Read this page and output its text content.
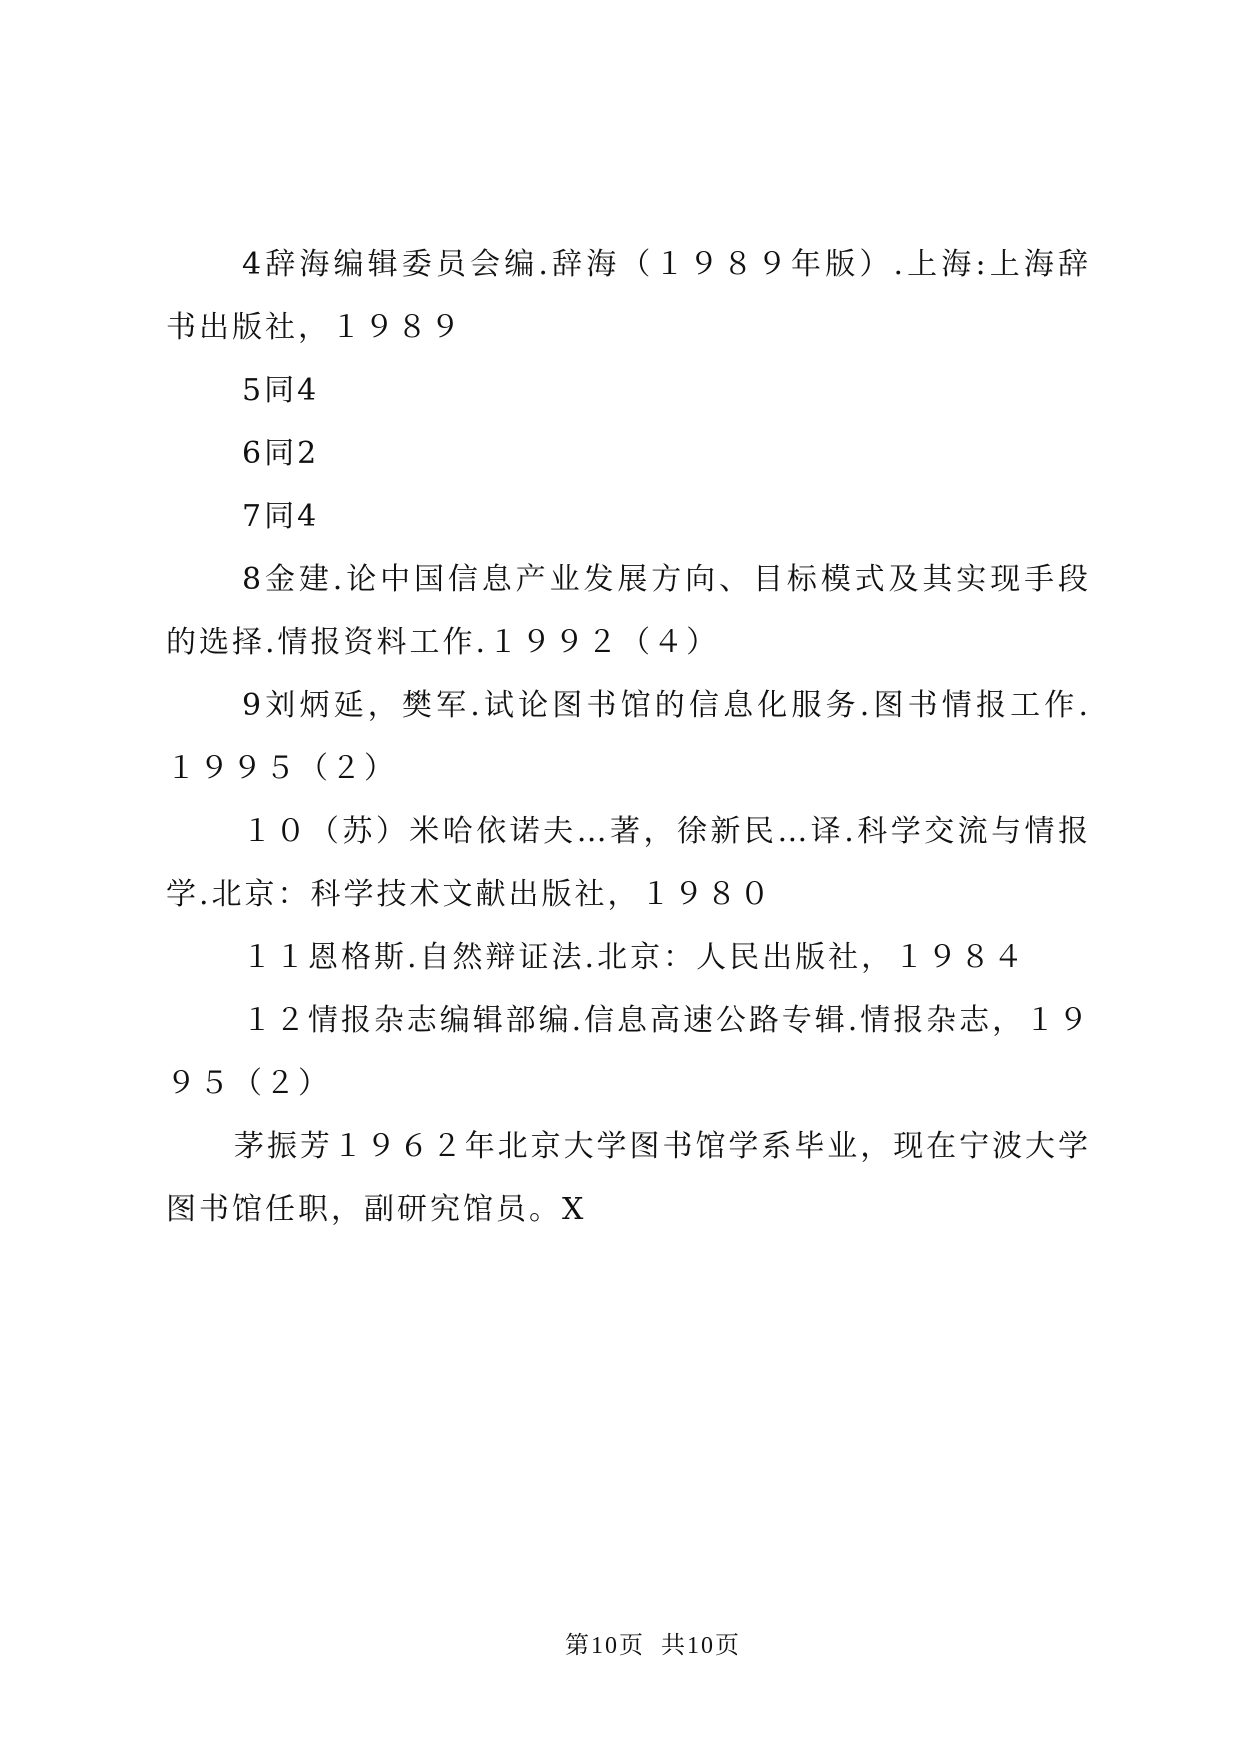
4辞海编辑委员会编.辞海（１９８９年版）.上海:上海辞
书出版社，１９８９
5同4
6同2
7同4
8金建.论中国信息产业发展方向、目标模式及其实现手段
的选择.情报资料工作.１９９２（４）
9刘炳延，樊军.试论图书馆的信息化服务.图书情报工作.
１９９５（２）
１０（苏）米哈依诺夫…著，徐新民…译.科学交流与情报
学.北京：科学技术文献出版社，１９８０
１１恩格斯.自然辩证法.北京：人民出版社，１９８４
１２情报杂志编辑部编.信息高速公路专辑.情报杂志，１９
９５（２）
茅振芳１９６２年北京大学图书馆学系毕业，现在宁波大学
图书馆任职，副研究馆员。X
第10页 共10页
